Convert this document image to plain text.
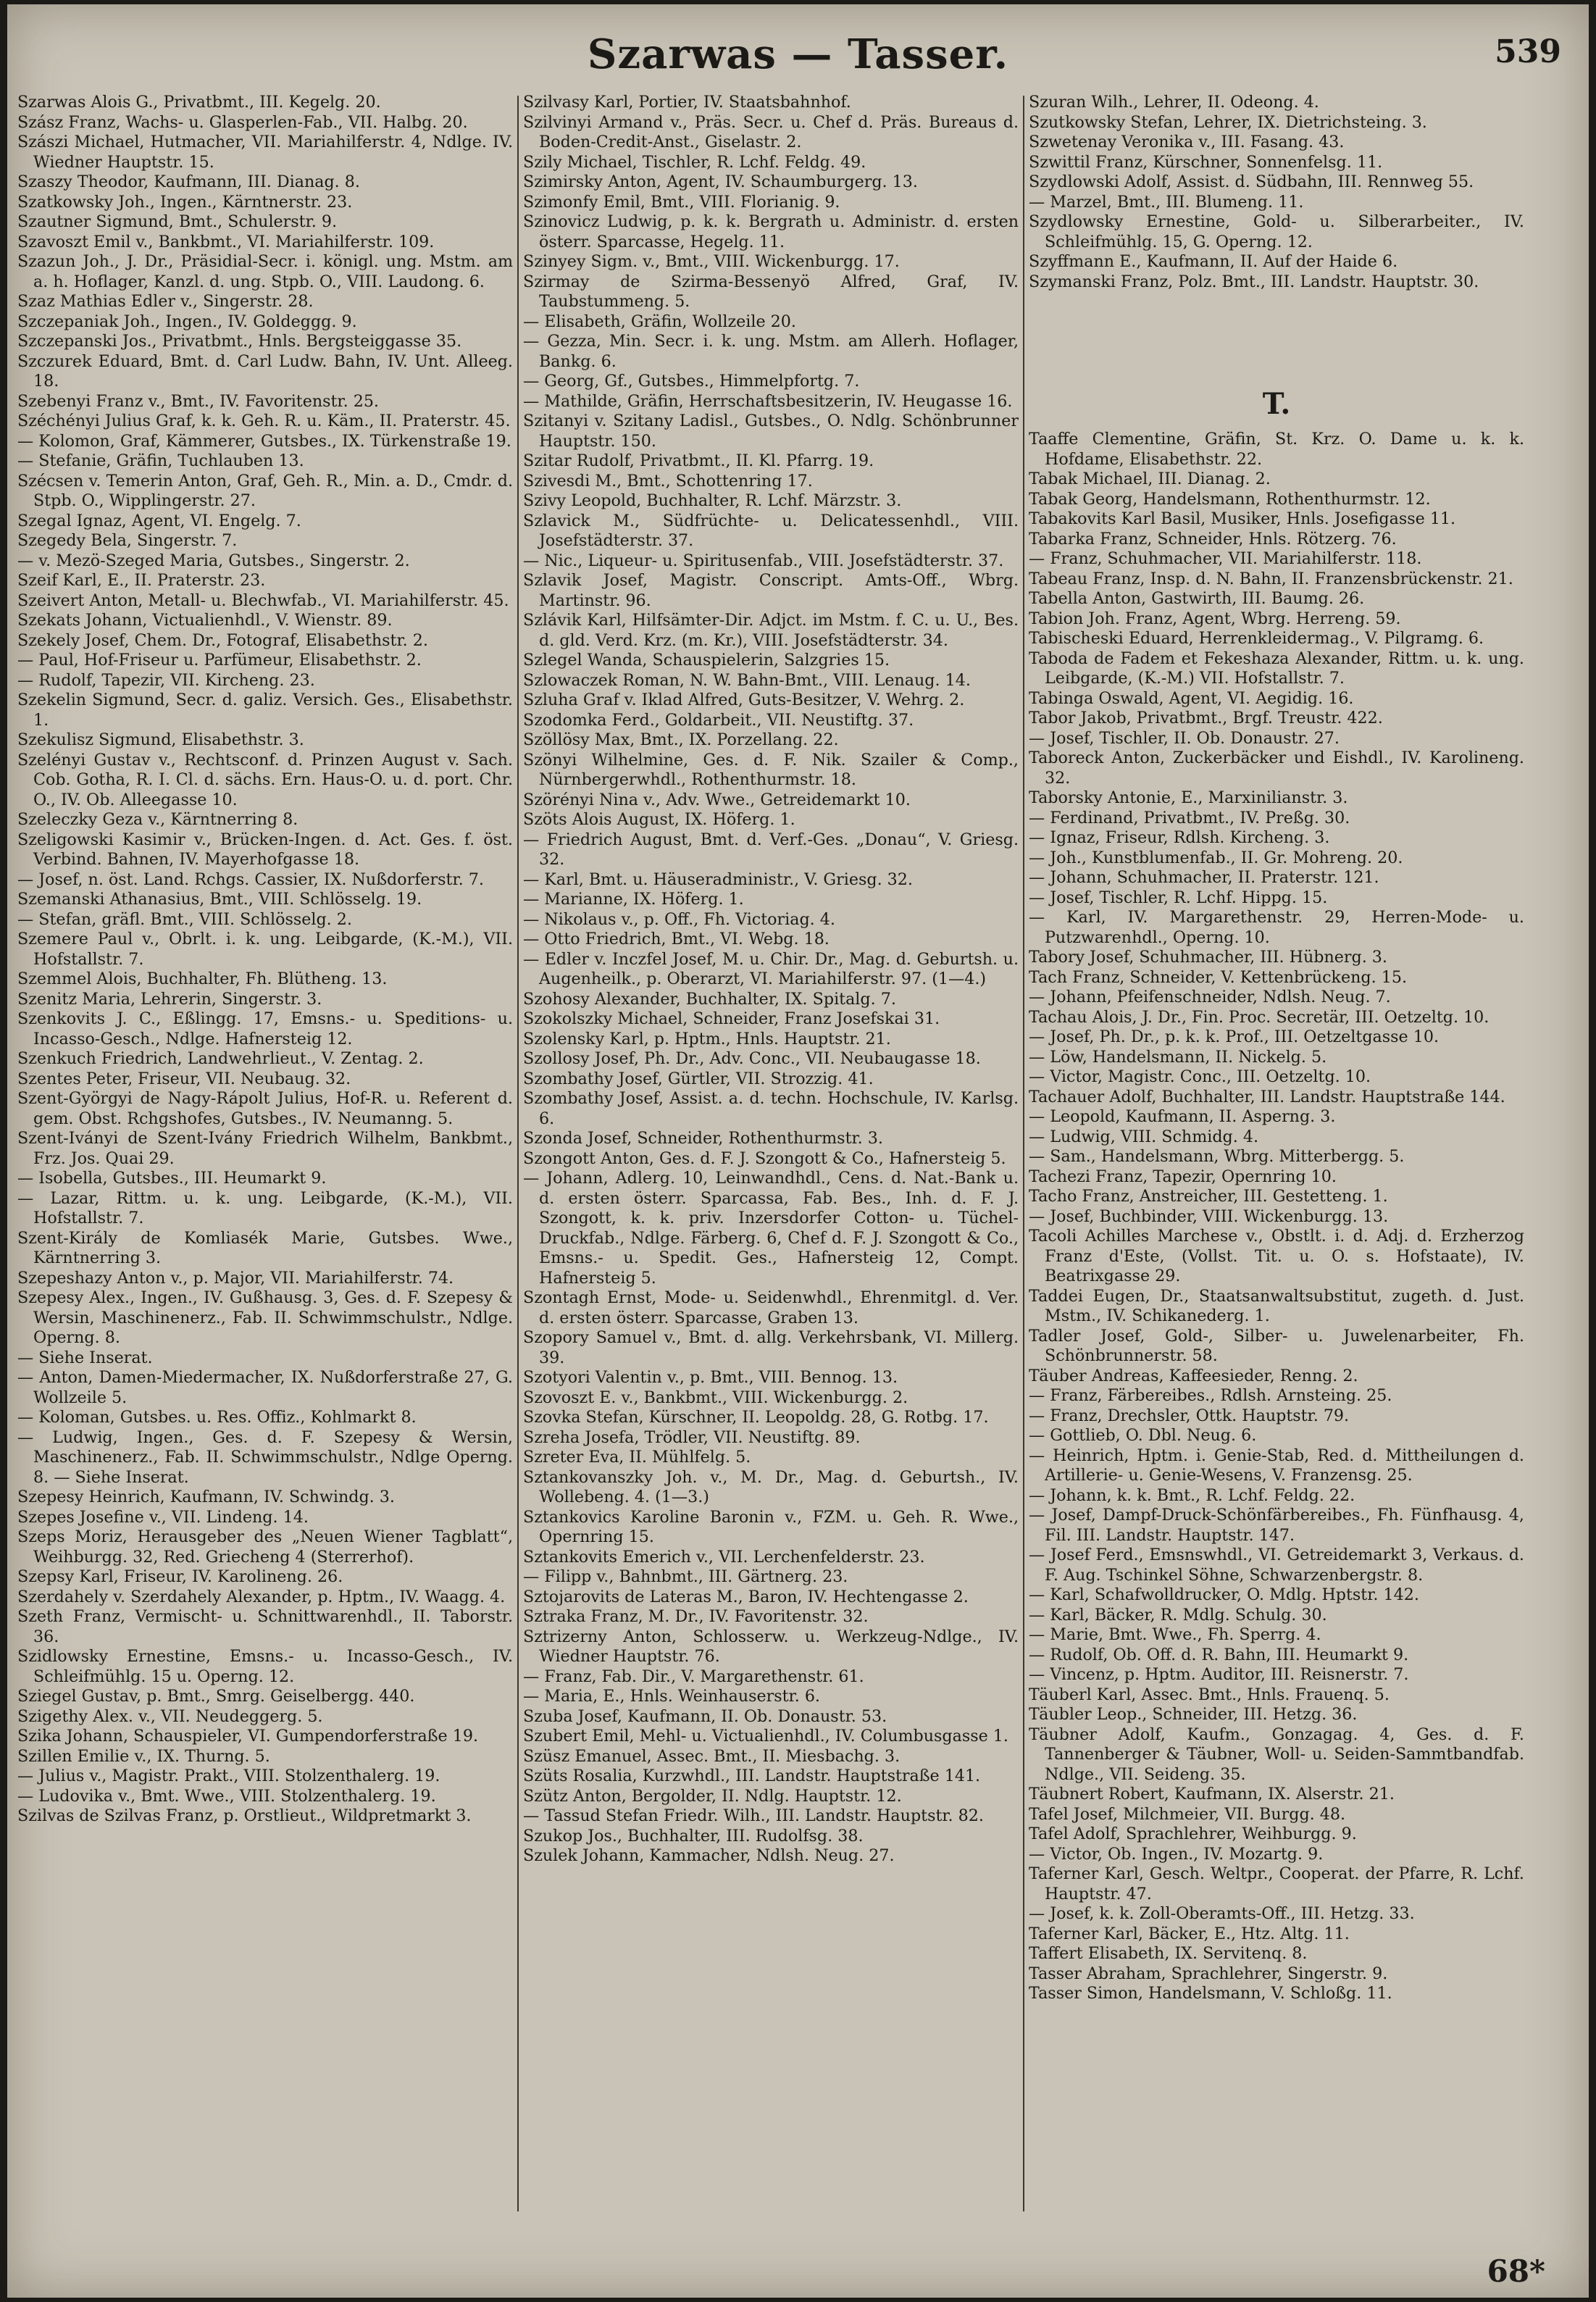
Szarwas — Tasser.	539
Szarwas Alois G., Privatbmt., III. Kegelg. 20.
Szász Franz, Wachs- u. Glasperlen-Fab., VII. Halbg. 20.
Szászi Michael, Hutmacher, VII. Mariahilferstr. 4, Ndlge. IV. Wiedner Hauptstr. 15.
Szaszy Theodor, Kaufmann, III. Dianag. 8.
Szatkowsky Joh., Ingen., Kärntnerstr. 23.
Szautner Sigmund, Bmt., Schulerstr. 9.
Szavoszt Emil v., Bankbmt., VI. Mariahilferstr. 109.
Szazun Joh., J. Dr., Präsidial-Secr. i. königl. ung. Mstm. am a. h. Hoflager, Kanzl. d. ung. Stpb. O., VIII. Laudong. 6.
Szaz Mathias Edler v., Singerstr. 28.
Szczepaniak Joh., Ingen., IV. Goldeggg. 9.
Szczepanski Jos., Privatbmt., Hnls. Bergsteiggasse 35.
Szczurek Eduard, Bmt. d. Carl Ludw. Bahn, IV. Unt. Alleeg. 18.
Szebenyi Franz v., Bmt., IV. Favoritenstr. 25.
Széchényi Julius Graf, k. k. Geh. R. u. Käm., II. Praterstr. 45.
— Kolomon, Graf, Kämmerer, Gutsbes., IX. Türkenstraße 19.
— Stefanie, Gräfin, Tuchlauben 13.
Szécsen v. Temerin Anton, Graf, Geh. R., Min. a. D., Cmdr. d. Stpb. O., Wipplingerstr. 27.
Szegal Ignaz, Agent, VI. Engelg. 7.
Szegedy Bela, Singerstr. 7.
— v. Mezö-Szeged Maria, Gutsbes., Singerstr. 2.
Szeif Karl, E., II. Praterstr. 23.
Szeivert Anton, Metall- u. Blechwfab., VI. Mariahilferstr. 45.
Szekats Johann, Victualienhdl., V. Wienstr. 89.
Szekely Josef, Chem. Dr., Fotograf, Elisabethstr. 2.
— Paul, Hof-Friseur u. Parfümeur, Elisabethstr. 2.
— Rudolf, Tapezir, VII. Kircheng. 23.
Szekelin Sigmund, Secr. d. galiz. Versich. Ges., Elisabethstr. 1.
Szekulisz Sigmund, Elisabethstr. 3.
Szelényi Gustav v., Rechtsconf. d. Prinzen August v. Sach. Cob. Gotha, R. I. Cl. d. sächs. Ern. Haus-O. u. d. port. Chr. O., IV. Ob. Alleegasse 10.
Szeleczky Geza v., Kärntnerring 8.
Szeligowski Kasimir v., Brücken-Ingen. d. Act. Ges. f. öst. Verbind. Bahnen, IV. Mayerhofgasse 18.
— Josef, n. öst. Land. Rchgs. Cassier, IX. Nußdorferstr. 7.
Szemanski Athanasius, Bmt., VIII. Schlösselg. 19.
— Stefan, gräfl. Bmt., VIII. Schlösselg. 2.
Szemere Paul v., Obrlt. i. k. ung. Leibgarde, (K.-M.), VII. Hofstallstr. 7.
Szemmel Alois, Buchhalter, Fh. Blütheng. 13.
Szenitz Maria, Lehrerin, Singerstr. 3.
Szenkovits J. C., Eßlingg. 17, Emsns.- u. Speditions- u. Incasso-Gesch., Ndlge. Hafnersteig 12.
Szenkuch Friedrich, Landwehrlieut., V. Zentag. 2.
Szentes Peter, Friseur, VII. Neubaug. 32.
Szent-Györgyi de Nagy-Rápolt Julius, Hof-R. u. Referent d. gem. Obst. Rchgshofes, Gutsbes., IV. Neumanng. 5.
Szent-Iványi de Szent-Ivány Friedrich Wilhelm, Bankbmt., Frz. Jos. Quai 29.
— Isobella, Gutsbes., III. Heumarkt 9.
— Lazar, Rittm. u. k. ung. Leibgarde, (K.-M.), VII. Hofstallstr. 7.
Szent-Király de Komliasék Marie, Gutsbes. Wwe., Kärntnerring 3.
Szepeshazy Anton v., p. Major, VII. Mariahilferstr. 74.
Szepesy Alex., Ingen., IV. Gußhausg. 3, Ges. d. F. Szepesy & Wersin, Maschinenerz., Fab. II. Schwimmschulstr., Ndlge. Operng. 8.
— Siehe Inserat.
— Anton, Damen-Miedermacher, IX. Nußdorferstraße 27, G. Wollzeile 5.
— Koloman, Gutsbes. u. Res. Offiz., Kohlmarkt 8.
— Ludwig, Ingen., Ges. d. F. Szepesy & Wersin, Maschinenerz., Fab. II. Schwimmschulstr., Ndlge Operng. 8. — Siehe Inserat.
Szepesy Heinrich, Kaufmann, IV. Schwindg. 3.
Szepes Josefine v., VII. Lindeng. 14.
Szeps Moriz, Herausgeber des „Neuen Wiener Tagblatt“, Weihburgg. 32, Red. Griecheng 4 (Sterrerhof).
Szepsy Karl, Friseur, IV. Karolineng. 26.
Szerdahely v. Szerdahely Alexander, p. Hptm., IV. Waagg. 4.
Szeth Franz, Vermischt- u. Schnittwarenhdl., II. Taborstr. 36.
Szidlowsky Ernestine, Emsns.- u. Incasso-Gesch., IV. Schleifmühlg. 15 u. Operng. 12.
Sziegel Gustav, p. Bmt., Smrg. Geiselbergg. 440.
Szigethy Alex. v., VII. Neudeggerg. 5.
Szika Johann, Schauspieler, VI. Gumpendorferstraße 19.
Szillen Emilie v., IX. Thurng. 5.
— Julius v., Magistr. Prakt., VIII. Stolzenthalerg. 19.
— Ludovika v., Bmt. Wwe., VIII. Stolzenthalerg. 19.
Szilvas de Szilvas Franz, p. Orstlieut., Wildpretmarkt 3.
Szilvasy Karl, Portier, IV. Staatsbahnhof.
Szilvinyi Armand v., Präs. Secr. u. Chef d. Präs. Bureaus d. Boden-Credit-Anst., Giselastr. 2.
Szily Michael, Tischler, R. Lchf. Feldg. 49.
Szimirsky Anton, Agent, IV. Schaumburgerg. 13.
Szimonfy Emil, Bmt., VIII. Florianig. 9.
Szinovicz Ludwig, p. k. k. Bergrath u. Administr. d. ersten österr. Sparcasse, Hegelg. 11.
Szinyey Sigm. v., Bmt., VIII. Wickenburgg. 17.
Szirmay de Szirma-Bessenyö Alfred, Graf, IV. Taubstummeng. 5.
— Elisabeth, Gräfin, Wollzeile 20.
— Gezza, Min. Secr. i. k. ung. Mstm. am Allerh. Hoflager, Bankg. 6.
— Georg, Gf., Gutsbes., Himmelpfortg. 7.
— Mathilde, Gräfin, Herrschaftsbesitzerin, IV. Heugasse 16.
Szitanyi v. Szitany Ladisl., Gutsbes., O. Ndlg. Schönbrunner Hauptstr. 150.
Szitar Rudolf, Privatbmt., II. Kl. Pfarrg. 19.
Szivesdi M., Bmt., Schottenring 17.
Szivy Leopold, Buchhalter, R. Lchf. Märzstr. 3.
Szlavick M., Südfrüchte- u. Delicatessenhdl., VIII. Josefstädterstr. 37.
— Nic., Liqueur- u. Spiritusenfab., VIII. Josefstädterstr. 37.
Szlavik Josef, Magistr. Conscript. Amts-Off., Wbrg. Martinstr. 96.
Szlávik Karl, Hilfsämter-Dir. Adjct. im Mstm. f. C. u. U., Bes. d. gld. Verd. Krz. (m. Kr.), VIII. Josefstädterstr. 34.
Szlegel Wanda, Schauspielerin, Salzgries 15.
Szlowaczek Roman, N. W. Bahn-Bmt., VIII. Lenaug. 14.
Szluha Graf v. Iklad Alfred, Guts-Besitzer, V. Wehrg. 2.
Szodomka Ferd., Goldarbeit., VII. Neustiftg. 37.
Szöllösy Max, Bmt., IX. Porzellang. 22.
Szönyi Wilhelmine, Ges. d. F. Nik. Szailer & Comp., Nürnbergerwhdl., Rothenthurmstr. 18.
Szörényi Nina v., Adv. Wwe., Getreidemarkt 10.
Szöts Alois August, IX. Höferg. 1.
— Friedrich August, Bmt. d. Verf.-Ges. „Donau“, V. Griesg. 32.
— Karl, Bmt. u. Häuseradministr., V. Griesg. 32.
— Marianne, IX. Höferg. 1.
— Nikolaus v., p. Off., Fh. Victoriag. 4.
— Otto Friedrich, Bmt., VI. Webg. 18.
— Edler v. Inczfel Josef, M. u. Chir. Dr., Mag. d. Geburtsh. u. Augenheilk., p. Oberarzt, VI. Mariahilferstr. 97. (1—4.)
Szohosy Alexander, Buchhalter, IX. Spitalg. 7.
Szokolszky Michael, Schneider, Franz Josefskai 31.
Szolensky Karl, p. Hptm., Hnls. Hauptstr. 21.
Szollosy Josef, Ph. Dr., Adv. Conc., VII. Neubaugasse 18.
Szombathy Josef, Gürtler, VII. Strozzig. 41.
Szombathy Josef, Assist. a. d. techn. Hochschule, IV. Karlsg. 6.
Szonda Josef, Schneider, Rothenthurmstr. 3.
Szongott Anton, Ges. d. F. J. Szongott & Co., Hafnersteig 5.
— Johann, Adlerg. 10, Leinwandhdl., Cens. d. Nat.-Bank u. d. ersten österr. Sparcassa, Fab. Bes., Inh. d. F. J. Szongott, k. k. priv. Inzersdorfer Cotton- u. Tüchel-Druckfab., Ndlge. Färberg. 6, Chef d. F. J. Szongott & Co., Emsns.- u. Spedit. Ges., Hafnersteig 12, Compt. Hafnersteig 5.
Szontagh Ernst, Mode- u. Seidenwhdl., Ehrenmitgl. d. Ver. d. ersten österr. Sparcasse, Graben 13.
Szopory Samuel v., Bmt. d. allg. Verkehrsbank, VI. Millerg. 39.
Szotyori Valentin v., p. Bmt., VIII. Bennog. 13.
Szovoszt E. v., Bankbmt., VIII. Wickenburgg. 2.
Szovka Stefan, Kürschner, II. Leopoldg. 28, G. Rotbg. 17.
Szreha Josefa, Trödler, VII. Neustiftg. 89.
Szreter Eva, II. Mühlfelg. 5.
Sztankovanszky Joh. v., M. Dr., Mag. d. Geburtsh., IV. Wollebeng. 4. (1—3.)
Sztankovics Karoline Baronin v., FZM. u. Geh. R. Wwe., Opernring 15.
Sztankovits Emerich v., VII. Lerchenfelderstr. 23.
— Filipp v., Bahnbmt., III. Gärtnerg. 23.
Sztojarovits de Lateras M., Baron, IV. Hechtengasse 2.
Sztraka Franz, M. Dr., IV. Favoritenstr. 32.
Sztrizerny Anton, Schlosserw. u. Werkzeug-Ndlge., IV. Wiedner Hauptstr. 76.
— Franz, Fab. Dir., V. Margarethenstr. 61.
— Maria, E., Hnls. Weinhauserstr. 6.
Szuba Josef, Kaufmann, II. Ob. Donaustr. 53.
Szubert Emil, Mehl- u. Victualienhdl., IV. Columbusgasse 1.
Szüsz Emanuel, Assec. Bmt., II. Miesbachg. 3.
Szüts Rosalia, Kurzwhdl., III. Landstr. Hauptstraße 141.
Szütz Anton, Bergolder, II. Ndlg. Hauptstr. 12.
— Tassud Stefan Friedr. Wilh., III. Landstr. Hauptstr. 82.
Szukop Jos., Buchhalter, III. Rudolfsg. 38.
Szulek Johann, Kammacher, Ndlsh. Neug. 27.
Szuran Wilh., Lehrer, II. Odeong. 4.
Szutkowsky Stefan, Lehrer, IX. Dietrichsteing. 3.
Szwetenay Veronika v., III. Fasang. 43.
Szwittil Franz, Kürschner, Sonnenfelsg. 11.
Szydlowski Adolf, Assist. d. Südbahn, III. Rennweg 55.
— Marzel, Bmt., III. Blumeng. 11.
Szydlowsky Ernestine, Gold- u. Silberarbeiter., IV. Schleifmühlg. 15, G. Operng. 12.
Szyffmann E., Kaufmann, II. Auf der Haide 6.
Szymanski Franz, Polz. Bmt., III. Landstr. Hauptstr. 30.
T.
Taaffe Clementine, Gräfin, St. Krz. O. Dame u. k. k. Hofdame, Elisabethstr. 22.
Tabak Michael, III. Dianag. 2.
Tabak Georg, Handelsmann, Rothenthurmstr. 12.
Tabakovits Karl Basil, Musiker, Hnls. Josefigasse 11.
Tabarka Franz, Schneider, Hnls. Rötzerg. 76.
— Franz, Schuhmacher, VII. Mariahilferstr. 118.
Tabeau Franz, Insp. d. N. Bahn, II. Franzensbrückenstr. 21.
Tabella Anton, Gastwirth, III. Baumg. 26.
Tabion Joh. Franz, Agent, Wbrg. Herreng. 59.
Tabischeski Eduard, Herrenkleidermag., V. Pilgramg. 6.
Taboda de Fadem et Fekeshaza Alexander, Rittm. u. k. ung. Leibgarde, (K.-M.) VII. Hofstallstr. 7.
Tabinga Oswald, Agent, VI. Aegidig. 16.
Tabor Jakob, Privatbmt., Brgf. Treustr. 422.
— Josef, Tischler, II. Ob. Donaustr. 27.
Taboreck Anton, Zuckerbäcker und Eishdl., IV. Karolineng. 32.
Taborsky Antonie, E., Marxinilianstr. 3.
— Ferdinand, Privatbmt., IV. Preßg. 30.
— Ignaz, Friseur, Rdlsh. Kircheng. 3.
— Joh., Kunstblumenfab., II. Gr. Mohreng. 20.
— Johann, Schuhmacher, II. Praterstr. 121.
— Josef, Tischler, R. Lchf. Hippg. 15.
— Karl, IV. Margarethenstr. 29, Herren-Mode- u. Putzwarenhdl., Operng. 10.
Tabory Josef, Schuhmacher, III. Hübnerg. 3.
Tach Franz, Schneider, V. Kettenbrückeng. 15.
— Johann, Pfeifenschneider, Ndlsh. Neug. 7.
Tachau Alois, J. Dr., Fin. Proc. Secretär, III. Oetzeltg. 10.
— Josef, Ph. Dr., p. k. k. Prof., III. Oetzeltgasse 10.
— Löw, Handelsmann, II. Nickelg. 5.
— Victor, Magistr. Conc., III. Oetzeltg. 10.
Tachauer Adolf, Buchhalter, III. Landstr. Hauptstraße 144.
— Leopold, Kaufmann, II. Asperng. 3.
— Ludwig, VIII. Schmidg. 4.
— Sam., Handelsmann, Wbrg. Mitterbergg. 5.
Tachezi Franz, Tapezir, Opernring 10.
Tacho Franz, Anstreicher, III. Gestetteng. 1.
— Josef, Buchbinder, VIII. Wickenburgg. 13.
Tacoli Achilles Marchese v., Obstlt. i. d. Adj. d. Erzherzog Franz d'Este, (Vollst. Tit. u. O. s. Hofstaate), IV. Beatrixgasse 29.
Taddei Eugen, Dr., Staatsanwaltsubstitut, zugeth. d. Just. Mstm., IV. Schikanederg. 1.
Tadler Josef, Gold-, Silber- u. Juwelenarbeiter, Fh. Schönbrunnerstr. 58.
Täuber Andreas, Kaffeesieder, Renng. 2.
— Franz, Färbereibes., Rdlsh. Arnsteing. 25.
— Franz, Drechsler, Ottk. Hauptstr. 79.
— Gottlieb, O. Dbl. Neug. 6.
— Heinrich, Hptm. i. Genie-Stab, Red. d. Mittheilungen d. Artillerie- u. Genie-Wesens, V. Franzensg. 25.
— Johann, k. k. Bmt., R. Lchf. Feldg. 22.
— Josef, Dampf-Druck-Schönfärbereibes., Fh. Fünfhausg. 4, Fil. III. Landstr. Hauptstr. 147.
— Josef Ferd., Emsnswhdl., VI. Getreidemarkt 3, Verkaus. d. F. Aug. Tschinkel Söhne, Schwarzenbergstr. 8.
— Karl, Schafwolldrucker, O. Mdlg. Hptstr. 142.
— Karl, Bäcker, R. Mdlg. Schulg. 30.
— Marie, Bmt. Wwe., Fh. Sperrg. 4.
— Rudolf, Ob. Off. d. R. Bahn, III. Heumarkt 9.
— Vincenz, p. Hptm. Auditor, III. Reisnerstr. 7.
Täuberl Karl, Assec. Bmt., Hnls. Frauenq. 5.
Täubler Leop., Schneider, III. Hetzg. 36.
Täubner Adolf, Kaufm., Gonzagag. 4, Ges. d. F. Tannenberger & Täubner, Woll- u. Seiden-Sammtbandfab. Ndlge., VII. Seideng. 35.
Täubnert Robert, Kaufmann, IX. Alserstr. 21.
Tafel Josef, Milchmeier, VII. Burgg. 48.
Tafel Adolf, Sprachlehrer, Weihburgg. 9.
— Victor, Ob. Ingen., IV. Mozartg. 9.
Taferner Karl, Gesch. Weltpr., Cooperat. der Pfarre, R. Lchf. Hauptstr. 47.
— Josef, k. k. Zoll-Oberamts-Off., III. Hetzg. 33.
Taferner Karl, Bäcker, E., Htz. Altg. 11.
Taffert Elisabeth, IX. Servitenq. 8.
Tasser Abraham, Sprachlehrer, Singerstr. 9.
Tasser Simon, Handelsmann, V. Schloßg. 11.
68*
